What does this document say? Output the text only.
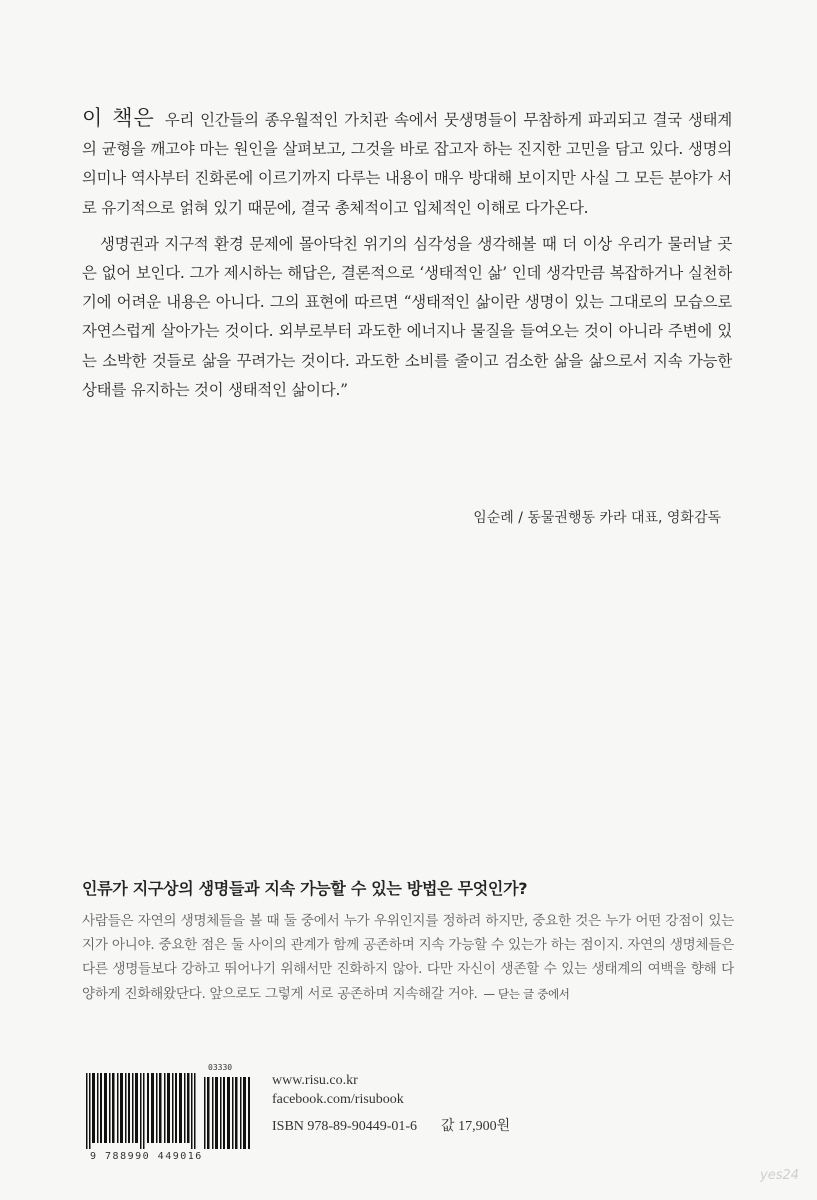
이 책은 우리 인간들의 종우월적인 가치관 속에서 뭇생명들이 무참하게 파괴되고 결국 생태계의 균형을 깨고야 마는 원인을 살펴보고, 그것을 바로 잡고자 하는 진지한 고민을 담고 있다. 생명의 의미나 역사부터 진화론에 이르기까지 다루는 내용이 매우 방대해 보이지만 사실 그 모든 분야가 서로 유기적으로 얽혀 있기 때문에, 결국 총체적이고 입체적인 이해로 다가온다.

생명권과 지구적 환경 문제에 몰아닥친 위기의 심각성을 생각해볼 때 더 이상 우리가 물러날 곳은 없어 보인다. 그가 제시하는 해답은, 결론적으로 ‘생태적인 삶’ 인데 생각만큼 복잡하거나 실천하기에 어려운 내용은 아니다. 그의 표현에 따르면 “생태적인 삶이란 생명이 있는 그대로의 모습으로 자연스럽게 살아가는 것이다. 외부로부터 과도한 에너지나 물질을 들여오는 것이 아니라 주변에 있는 소박한 것들로 삶을 꾸려가는 것이다. 과도한 소비를 줄이고 검소한 삶을 삶으로서 지속 가능한 상태를 유지하는 것이 생태적인 삶이다.”

임순례 / 동물권행동 카라 대표, 영화감독
인류가 지구상의 생명들과 지속 가능할 수 있는 방법은 무엇인가?
사람들은 자연의 생명체들을 볼 때 둘 중에서 누가 우위인지를 정하려 하지만, 중요한 것은 누가 어떤 강점이 있는지가 아니야. 중요한 점은 둘 사이의 관계가 함께 공존하며 지속 가능할 수 있는가 하는 점이지. 자연의 생명체들은 다른 생명들보다 강하고 뛰어나기 위해서만 진화하지 않아. 다만 자신이 생존할 수 있는 생태계의 여백을 향해 다양하게 진화해왔단다. 앞으로도 그렇게 서로 공존하며 지속해갈 거야. — 닫는 글 중에서
03330
9 788990 449016
www.risu.co.kr
facebook.com/risubook
ISBN 978-89-90449-01-6 값 17,900원
yes24
